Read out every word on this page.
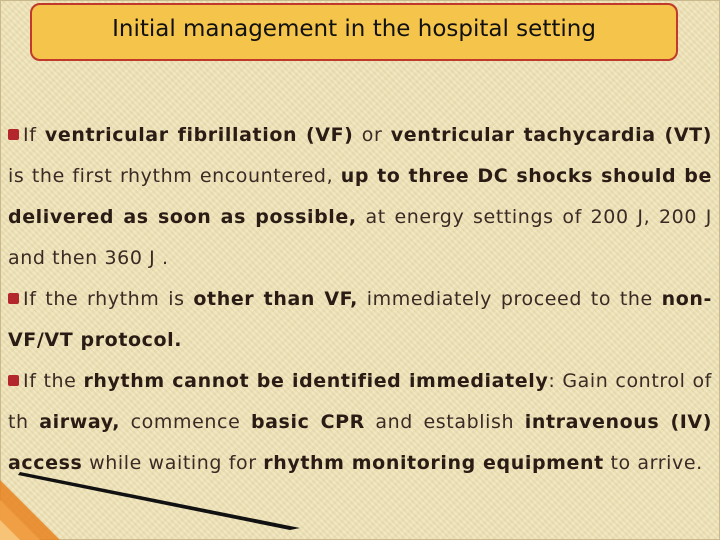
Initial management in the hospital setting

If ventricular fibrillation (VF) or ventricular tachycardia (VT) is the first rhythm encountered, up to three DC shocks should be delivered as soon as possible, at energy settings of 200 J, 200 J and then 360 J .

If the rhythm is other than VF, immediately proceed to the non-VF/VT protocol.

If the rhythm cannot be identified immediately: Gain control of th airway, commence basic CPR and establish intravenous (IV) access while waiting for rhythm monitoring equipment to arrive.
